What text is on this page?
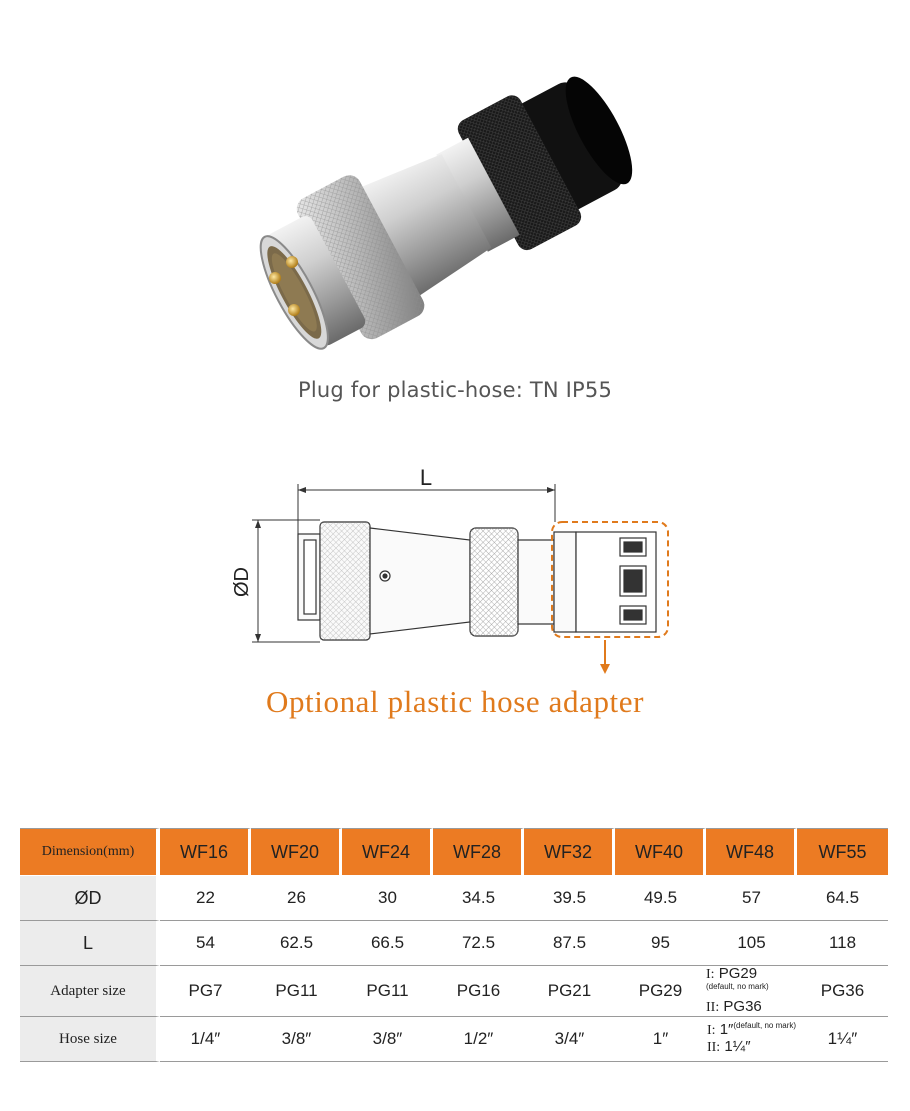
Plug for plastic-hose: TN IP55
L
ØD
Optional plastic hose adapter
Dimension(mm)	WF16	WF20	WF24	WF28	WF32	WF40	WF48	WF55
ØD	22	26	30	34.5	39.5	49.5	57	64.5
L	54	62.5	66.5	72.5	87.5	95	105	118
Adapter size	PG7	PG11	PG11	PG16	PG21	PG29	I: $PG29^{(default, no mark)}$
II: PG36	PG36
Hose size	1/4″	3/8″	3/8″	1/2″	3/4″	1″	I: 1″$^{(default, no mark)}$
II: 1¼″	1¼″
